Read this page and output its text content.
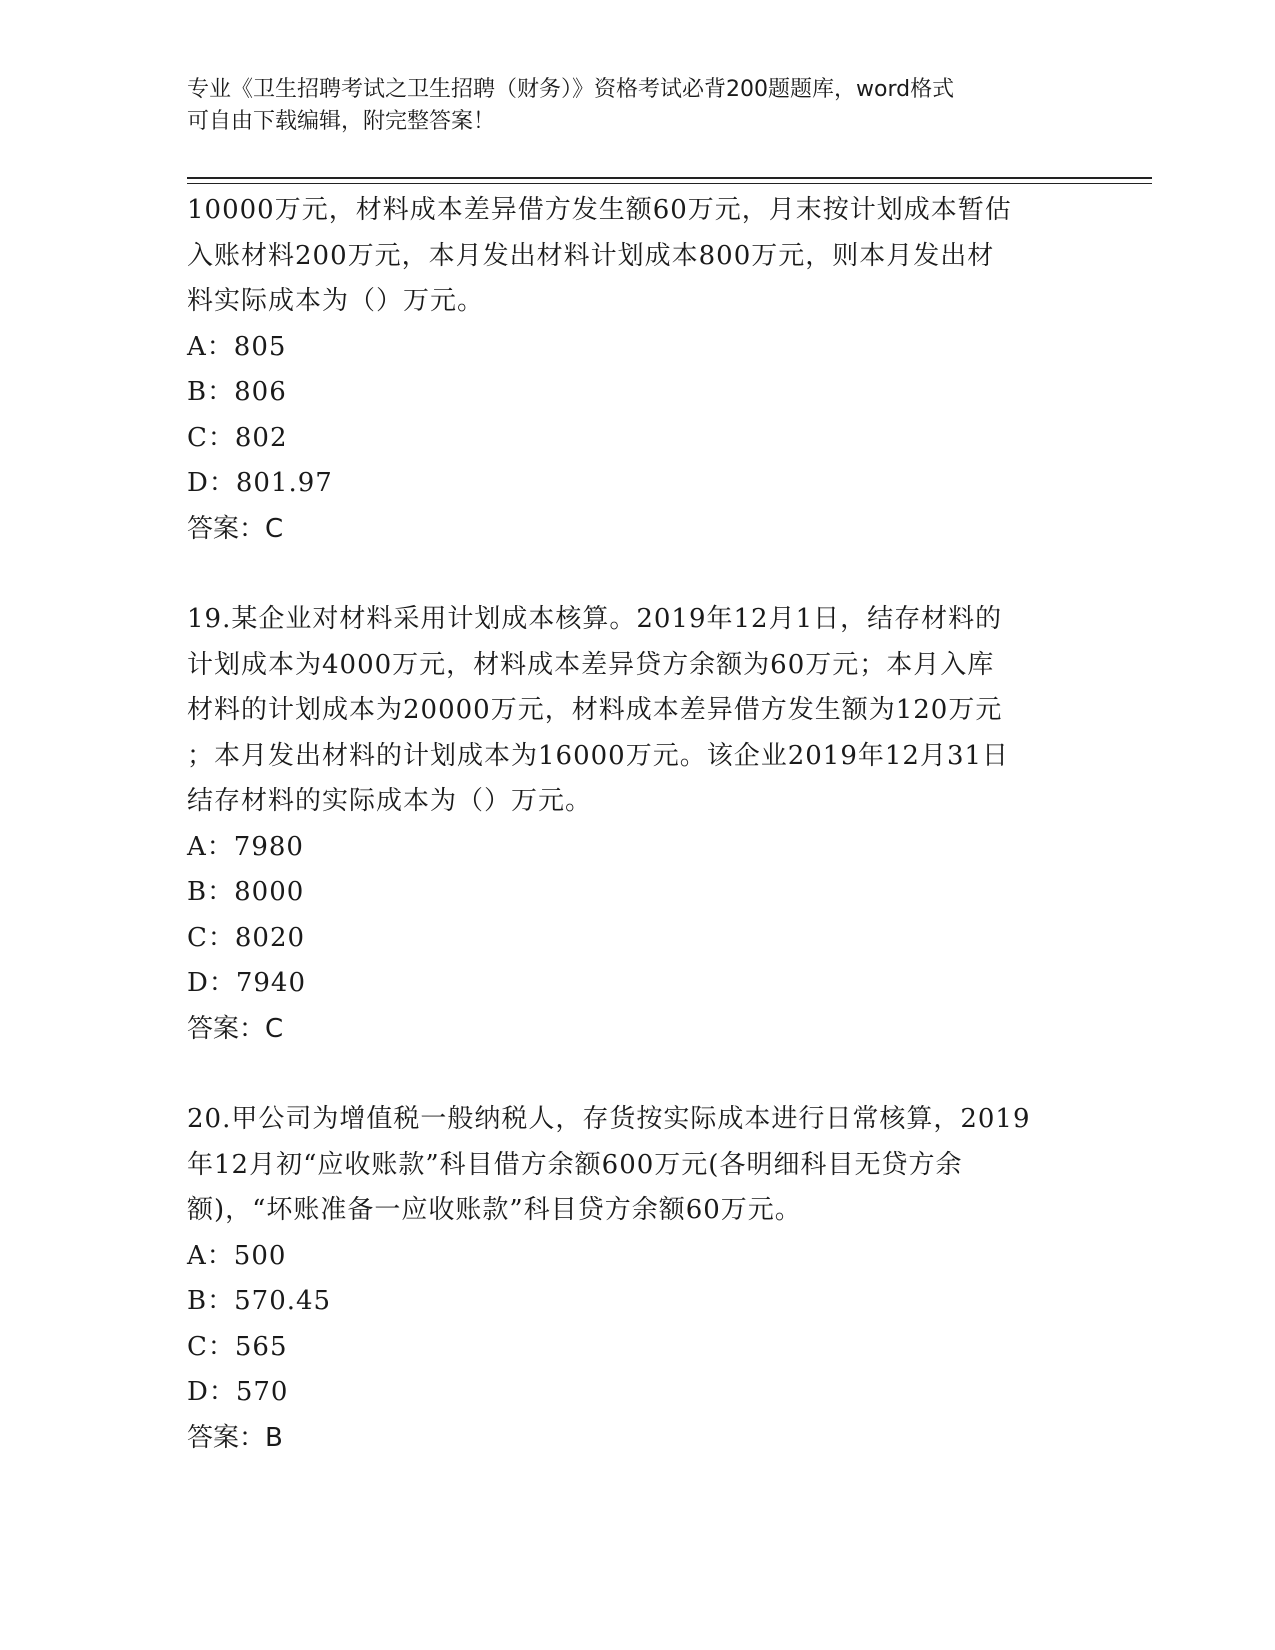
专业《卫生招聘考试之卫生招聘（财务）》资格考试必背200题题库，word格式
可自由下载编辑，附完整答案！

10000万元，材料成本差异借方发生额60万元，月末按计划成本暂估

入账材料200万元，本月发出材料计划成本800万元，则本月发出材

料实际成本为（）万元。

A：805

B：806

C：802

D：801.97

答案：C

19.某企业对材料采用计划成本核算。2019年12月1日，结存材料的

计划成本为4000万元，材料成本差异贷方余额为60万元；本月入库

材料的计划成本为20000万元，材料成本差异借方发生额为120万元

；本月发出材料的计划成本为16000万元。该企业2019年12月31日

结存材料的实际成本为（）万元。

A：7980

B：8000

C：8020

D：7940

答案：C

20.甲公司为增值税一般纳税人，存货按实际成本进行日常核算，2019

年12月初“应收账款”科目借方余额600万元(各明细科目无贷方余

额)，“坏账准备一应收账款”科目贷方余额60万元。

A：500

B：570.45

C：565

D：570

答案：B
